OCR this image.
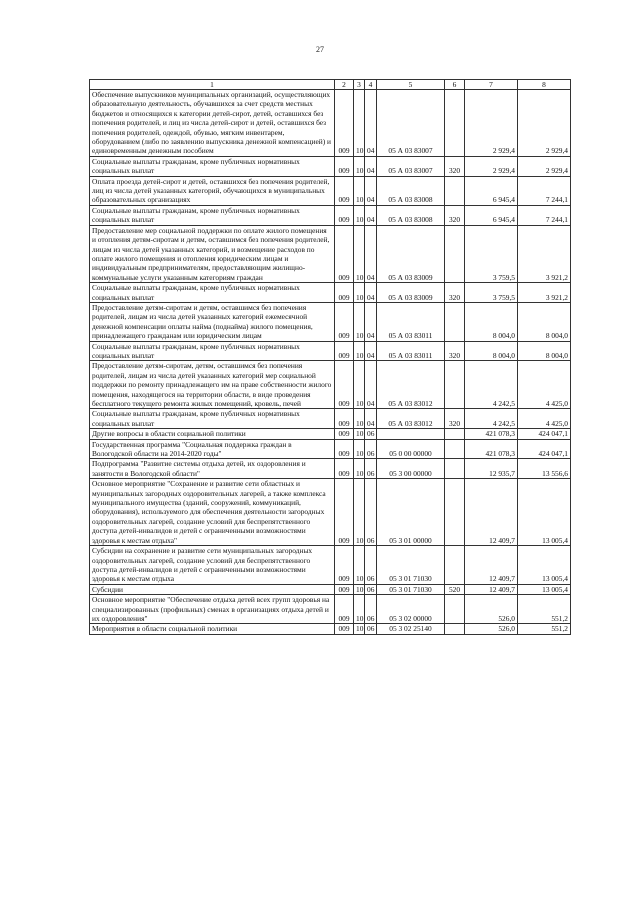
27
1	2	3	4	5	6	7	8
Обеспечение выпускников муниципальных организаций, осуществляющих образовательную деятельность, обучавшихся за счет средств местных бюджетов и относящихся к категории детей-сирот, детей, оставшихся без попечения родителей, и лиц из числа детей-сирот и детей, оставшихся без попечения родителей, одеждой, обувью, мягким инвентарем, оборудованием (либо по заявлению выпускника денежной компенсацией) и единовременным денежным пособием	009	10	04	05 А 03 83007		2 929,4	2 929,4
Социальные выплаты гражданам, кроме публичных нормативных социальных выплат	009	10	04	05 А 03 83007	320	2 929,4	2 929,4
Оплата проезда детей-сирот и детей, оставшихся без попечения родителей, лиц из числа детей указанных категорий, обучающихся в муниципальных образовательных организациях	009	10	04	05 А 03 83008		6 945,4	7 244,1
Социальные выплаты гражданам, кроме публичных нормативных социальных выплат	009	10	04	05 А 03 83008	320	6 945,4	7 244,1
Предоставление мер социальной поддержки по оплате жилого помещения и отопления детям-сиротам и детям, оставшимся без попечения родителей, лицам из числа детей указанных категорий, и возмещение расходов по оплате жилого помещения и отопления юридическим лицам и индивидуальным предпринимателям, предоставляющим жилищно-коммунальные услуги указанным категориям граждан	009	10	04	05 А 03 83009		3 759,5	3 921,2
Социальные выплаты гражданам, кроме публичных нормативных социальных выплат	009	10	04	05 А 03 83009	320	3 759,5	3 921,2
Предоставление детям-сиротам и детям, оставшимся без попечения родителей, лицам из числа детей указанных категорий ежемесячной денежной компенсации оплаты найма (поднайма) жилого помещения, принадлежащего гражданам или юридическим лицам	009	10	04	05 А 03 83011		8 004,0	8 004,0
Социальные выплаты гражданам, кроме публичных нормативных социальных выплат	009	10	04	05 А 03 83011	320	8 004,0	8 004,0
Предоставление детям-сиротам, детям, оставшимся без попечения родителей, лицам из числа детей указанных категорий мер социальной поддержки по ремонту принадлежащего им на праве собственности жилого помещения, находящегося на территории области, в виде проведения бесплатного текущего ремонта жилых помещений, кровель, печей	009	10	04	05 А 03 83012		4 242,5	4 425,0
Социальные выплаты гражданам, кроме публичных нормативных социальных выплат	009	10	04	05 А 03 83012	320	4 242,5	4 425,0
Другие вопросы в области социальной политики	009	10	06			421 078,3	424 047,1
Государственная программа "Социальная поддержка граждан в Вологодской области на 2014-2020 годы"	009	10	06	05 0 00 00000		421 078,3	424 047,1
Подпрограмма "Развитие системы отдыха детей, их оздоровления и занятости в Вологодской области"	009	10	06	05 3 00 00000		12 935,7	13 556,6
Основное мероприятие "Сохранение и развитие сети областных и муниципальных загородных оздоровительных лагерей, а также комплекса муниципального имущества (зданий, сооружений, коммуникаций, оборудования), используемого для обеспечения деятельности загородных оздоровительных лагерей, создание условий для беспрепятственного доступа детей-инвалидов и детей с ограниченными возможностями здоровья к местам отдыха"	009	10	06	05 3 01 00000		12 409,7	13 005,4
Субсидии на сохранение и развитие сети муниципальных загородных оздоровительных лагерей, создание условий для беспрепятственного доступа детей-инвалидов и детей с ограниченными возможностями здоровья к местам отдыха	009	10	06	05 3 01 71030		12 409,7	13 005,4
Субсидии	009	10	06	05 3 01 71030	520	12 409,7	13 005,4
Основное мероприятие "Обеспечение отдыха детей всех групп здоровья на специализированных (профильных) сменах в организациях отдыха детей и их оздоровления"	009	10	06	05 3 02 00000		526,0	551,2
Мероприятия в области социальной политики	009	10	06	05 3 02 25140		526,0	551,2
